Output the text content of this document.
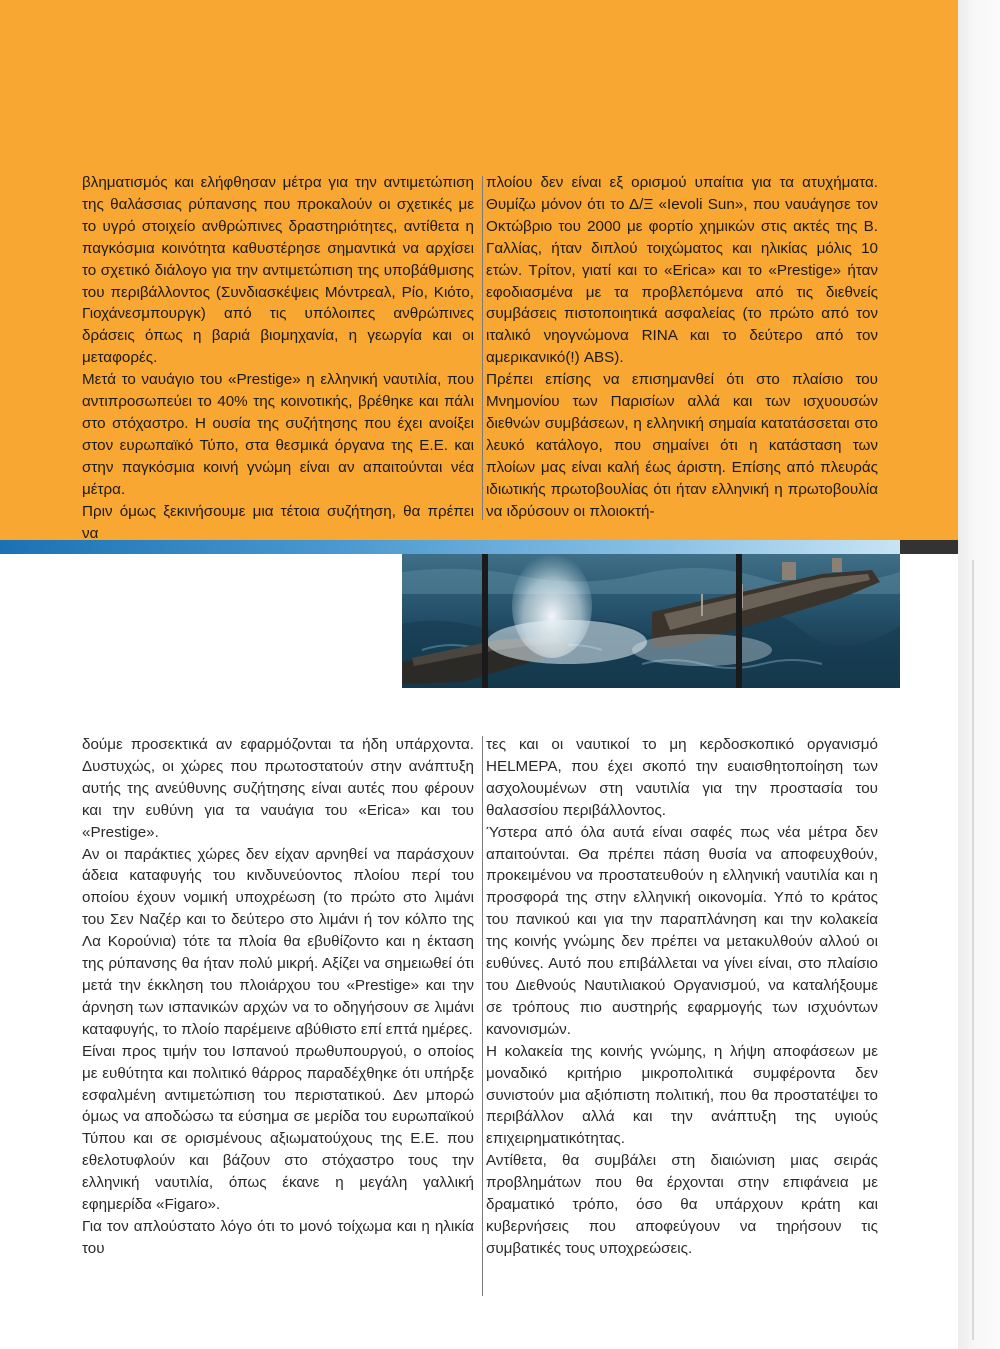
βληματισμός και ελήφθησαν μέτρα για την αντιμετώπιση της θαλάσσιας ρύπανσης που προκαλούν οι σχετικές με το υγρό στοιχείο ανθρώπινες δραστηριότητες, αντίθετα η παγκόσμια κοινότητα καθυστέρησε σημαντικά να αρχίσει το σχετικό διάλογο για την αντιμετώπιση της υποβάθμισης του περιβάλλοντος (Συνδιασκέψεις Μόντρεαλ, Ρίο, Κιότο, Γιοχάνεσμπουργκ) από τις υπόλοιπες ανθρώπινες δράσεις όπως η βαριά βιομηχανία, η γεωργία και οι μεταφορές.

Μετά το ναυάγιο του «Prestige» η ελληνική ναυτιλία, που αντιπροσωπεύει το 40% της κοινοτικής, βρέθηκε και πάλι στο στόχαστρο. Η ουσία της συζήτησης που έχει ανοίξει στον ευρωπαϊκό Τύπο, στα θεσμικά όργανα της Ε.Ε. και στην παγκόσμια κοινή γνώμη είναι αν απαιτούνται νέα μέτρα.

Πριν όμως ξεκινήσουμε μια τέτοια συζήτηση, θα πρέπει να

πλοίου δεν είναι εξ ορισμού υπαίτια για τα ατυχήματα. Θυμίζω μόνον ότι το Δ/Ξ «Ievoli Sun», που ναυάγησε τον Οκτώβριο του 2000 με φορτίο χημικών στις ακτές της Β. Γαλλίας, ήταν διπλού τοιχώματος και ηλικίας μόλις 10 ετών. Τρίτον, γιατί και το «Erica» και το «Prestige» ήταν εφοδιασμένα με τα προβλεπόμενα από τις διεθνείς συμβάσεις πιστοποιητικά ασφαλείας (το πρώτο από τον ιταλικό νηογνώμονα RINA και το δεύτερο από τον αμερικανικό(!) ABS).

Πρέπει επίσης να επισημανθεί ότι στο πλαίσιο του Μνημονίου των Παρισίων αλλά και των ισχυουσών διεθνών συμβάσεων, η ελληνική σημαία κατατάσσεται στο λευκό κατάλογο, που σημαίνει ότι η κατάσταση των πλοίων μας είναι καλή έως άριστη. Επίσης από πλευράς ιδιωτικής πρωτοβουλίας ότι ήταν ελληνική η πρωτοβουλία να ιδρύσουν οι πλοιοκτή-

δούμε προσεκτικά αν εφαρμόζονται τα ήδη υπάρχοντα. Δυστυχώς, οι χώρες που πρωτοστατούν στην ανάπτυξη αυτής της ανεύθυνης συζήτησης είναι αυτές που φέρουν και την ευθύνη για τα ναυάγια του «Erica» και του «Prestige».

Αν οι παράκτιες χώρες δεν είχαν αρνηθεί να παράσχουν άδεια καταφυγής του κινδυνεύοντος πλοίου περί του οποίου έχουν νομική υποχρέωση (το πρώτο στο λιμάνι του Σεν Ναζέρ και το δεύτερο στο λιμάνι ή τον κόλπο της Λα Κορούνια) τότε τα πλοία θα εβυθίζοντο και η έκταση της ρύπανσης θα ήταν πολύ μικρή. Αξίζει να σημειωθεί ότι μετά την έκκληση του πλοιάρχου του «Prestige» και την άρνηση των ισπανικών αρχών να το οδηγήσουν σε λιμάνι καταφυγής, το πλοίο παρέμεινε αβύθιστο επί επτά ημέρες.

Είναι προς τιμήν του Ισπανού πρωθυπουργού, ο οποίος με ευθύτητα και πολιτικό θάρρος παραδέχθηκε ότι υπήρξε εσφαλμένη αντιμετώπιση του περιστατικού. Δεν μπορώ όμως να αποδώσω τα εύσημα σε μερίδα του ευρωπαϊκού Τύπου και σε ορισμένους αξιωματούχους της Ε.Ε. που εθελοτυφλούν και βάζουν στο στόχαστρο τους την ελληνική ναυτιλία, όπως έκανε η μεγάλη γαλλική εφημερίδα «Figaro».

Για τον απλούστατο λόγο ότι το μονό τοίχωμα και η ηλικία του

τες και οι ναυτικοί το μη κερδοσκοπικό οργανισμό HELMEPA, που έχει σκοπό την ευαισθητοποίηση των ασχολουμένων στη ναυτιλία για την προστασία του θαλασσίου περιβάλλοντος.

Ύστερα από όλα αυτά είναι σαφές πως νέα μέτρα δεν απαιτούνται. Θα πρέπει πάση θυσία να αποφευχθούν, προκειμένου να προστατευθούν η ελληνική ναυτιλία και η προσφορά της στην ελληνική οικονομία. Υπό το κράτος του πανικού και για την παραπλάνηση και την κολακεία της κοινής γνώμης δεν πρέπει να μετακυλθούν αλλού οι ευθύνες. Αυτό που επιβάλλεται να γίνει είναι, στο πλαίσιο του Διεθνούς Ναυτιλιακού Οργανισμού, να καταλήξουμε σε τρόπους πιο αυστηρής εφαρμογής των ισχυόντων κανονισμών.

Η κολακεία της κοινής γνώμης, η λήψη αποφάσεων με μοναδικό κριτήριο μικροπολιτικά συμφέροντα δεν συνιστούν μια αξιόπιστη πολιτική, που θα προστατέψει το περιβάλλον αλλά και την ανάπτυξη της υγιούς επιχειρηματικότητας.

Αντίθετα, θα συμβάλει στη διαιώνιση μιας σειράς προβλημάτων που θα έρχονται στην επιφάνεια με δραματικό τρόπο, όσο θα υπάρχουν κράτη και κυβερνήσεις που αποφεύγουν να τηρήσουν τις συμβατικές τους υποχρεώσεις.
